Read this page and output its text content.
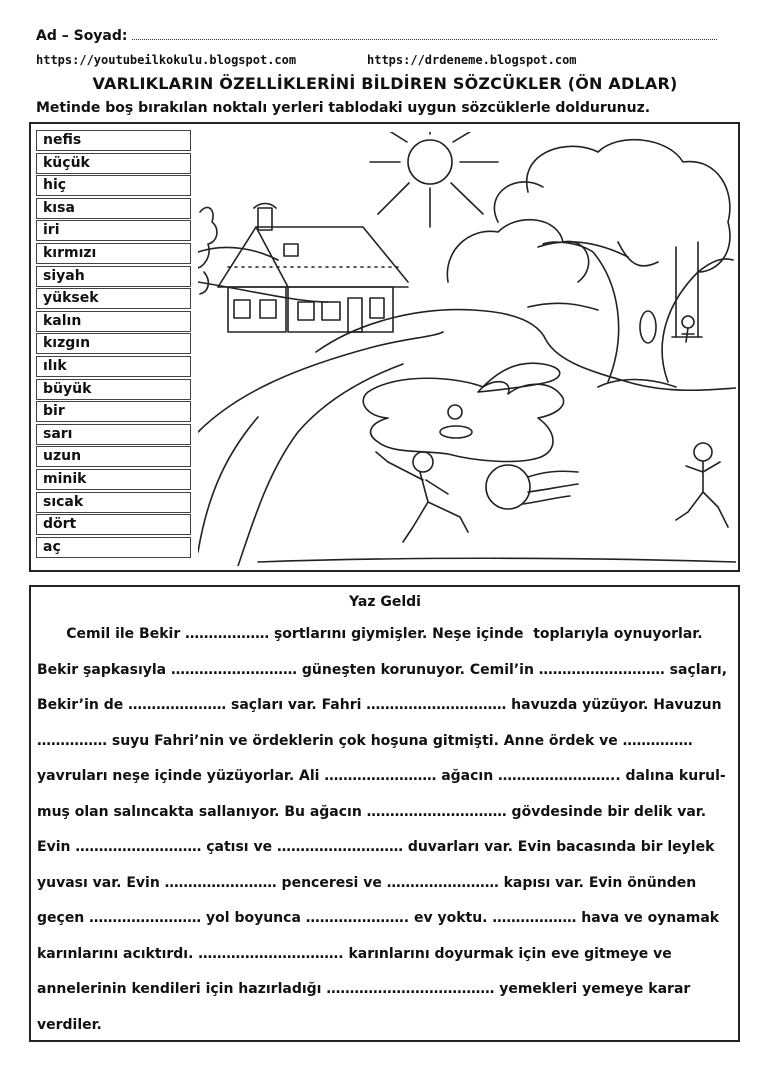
Ad – Soyad:
https://youtubeilkokulu.blogspot.com	https://drdeneme.blogspot.com
VARLIKLARIN ÖZELLİKLERİNİ BİLDİREN SÖZCÜKLER (ÖN ADLAR)
Metinde boş bırakılan noktalı yerleri tablodaki uygun sözcüklerle doldurunuz.
nefis
küçük
hiç
kısa
iri
kırmızı
siyah
yüksek
kalın
kızgın
ılık
büyük
bir
sarı
uzun
minik
sıcak
dört
aç
Yaz Geldi
Cemil ile Bekir ……………… şortlarını giymişler. Neşe içinde  toplarıyla oynuyorlar.
Bekir şapkasıyla ……………………… güneşten korunuyor. Cemil’in ……………………… saçları,
Bekir’in de ………………… saçları var. Fahri ………………………… havuzda yüzüyor. Havuzun
…………… suyu Fahri’nin ve ördeklerin çok hoşuna gitmişti. Anne ördek ve ……………
yavruları neşe içinde yüzüyorlar. Ali …………………… ağacın …………………….. dalına kurul-
muş olan salıncakta sallanıyor. Bu ağacın ………………………… gövdesinde bir delik var.
Evin ……………………… çatısı ve ……………………… duvarları var. Evin bacasında bir leylek
yuvası var. Evin …………………… penceresi ve …………………… kapısı var. Evin önünden
geçen …………………… yol boyunca …………………. ev yoktu. ……………… hava ve oynamak
karınlarını acıktırdı. …………………………. karınlarını doyurmak için eve gitmeye ve
annelerinin kendileri için hazırladığı ……………………………… yemekleri yemeye karar
verdiler.
